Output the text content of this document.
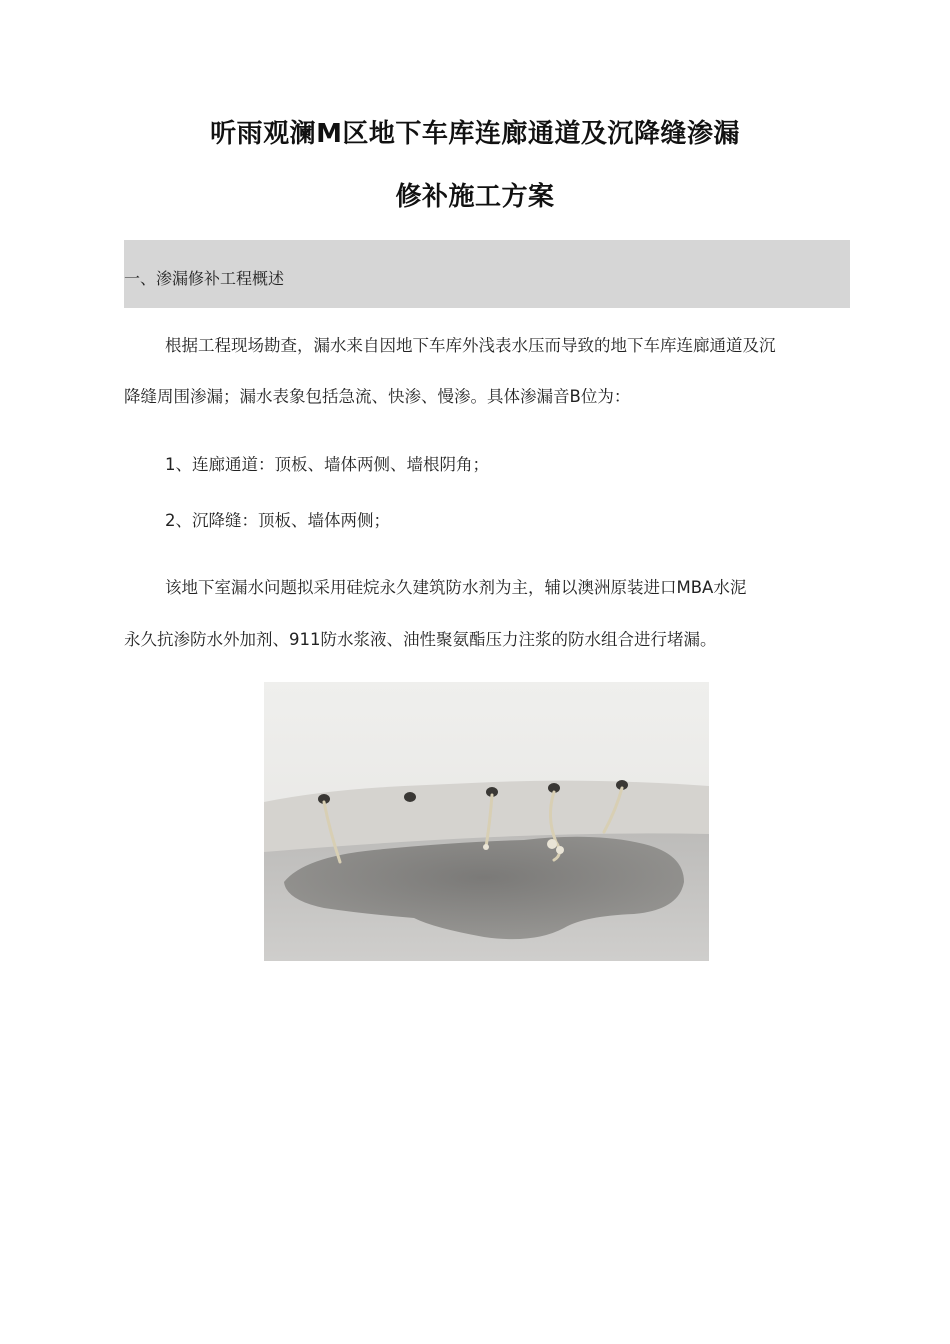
听雨观澜M区地下车库连廊通道及沉降缝渗漏
修补施工方案
一、渗漏修补工程概述
根据工程现场勘查，漏水来自因地下车库外浅表水压而导致的地下车库连廊通道及沉
降缝周围渗漏；漏水表象包括急流、快渗、慢渗。具体渗漏音B位为：
1、连廊通道：顶板、墙体两侧、墙根阴角；
2、沉降缝：顶板、墙体两侧；
该地下室漏水问题拟采用硅烷永久建筑防水剂为主，辅以澳洲原装进口MBA水泥
永久抗渗防水外加剂、911防水浆液、油性聚氨酯压力注浆的防水组合进行堵漏。
